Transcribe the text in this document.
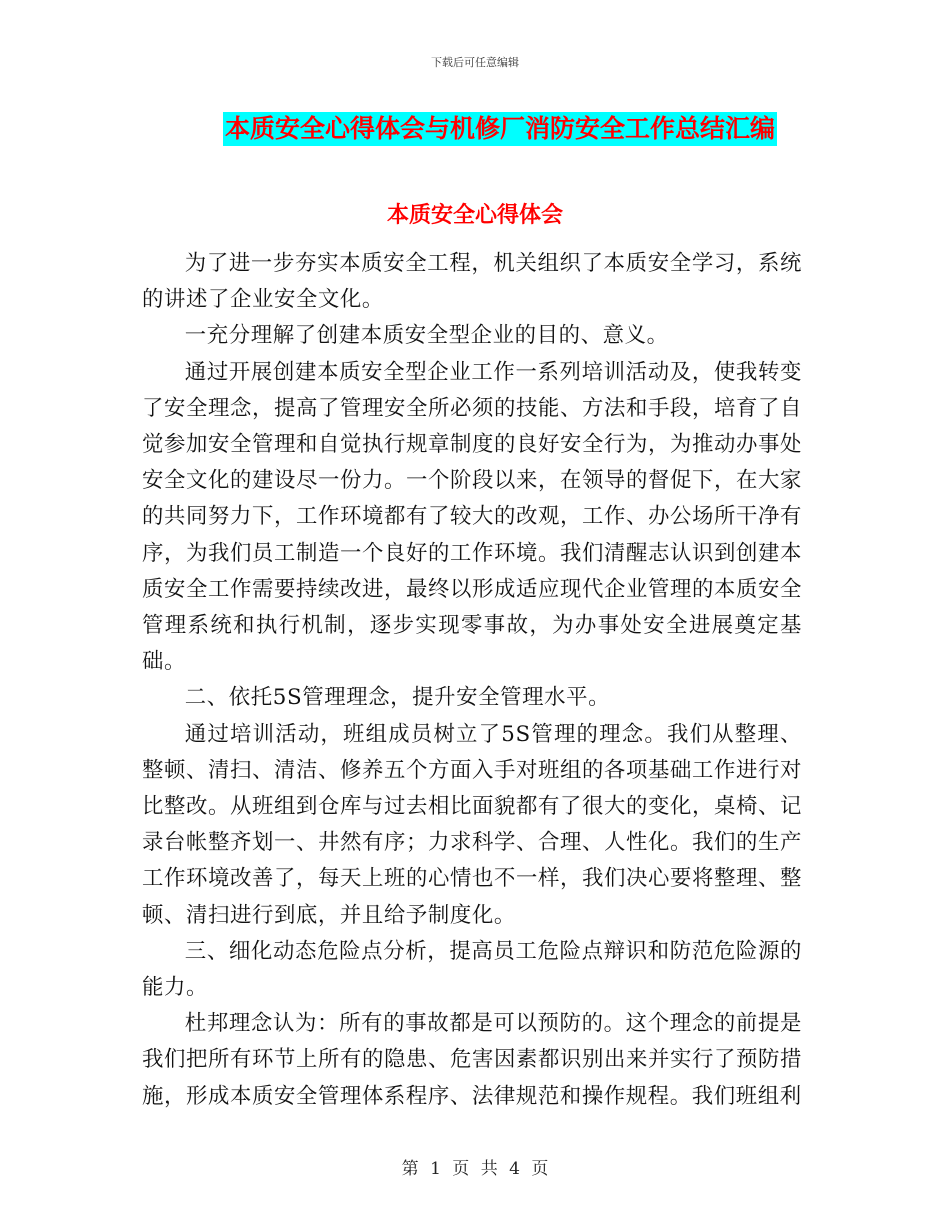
下载后可任意编辑
本质安全心得体会与机修厂消防安全工作总结汇编
本质安全心得体会

为了进一步夯实本质安全工程，机关组织了本质安全学习，系统的讲述了企业安全文化。

一充分理解了创建本质安全型企业的目的、意义。

通过开展创建本质安全型企业工作一系列培训活动及，使我转变了安全理念，提高了管理安全所必须的技能、方法和手段，培育了自觉参加安全管理和自觉执行规章制度的良好安全行为，为推动办事处安全文化的建设尽一份力。一个阶段以来，在领导的督促下，在大家的共同努力下，工作环境都有了较大的改观，工作、办公场所干净有序，为我们员工制造一个良好的工作环境。我们清醒志认识到创建本质安全工作需要持续改进，最终以形成适应现代企业管理的本质安全管理系统和执行机制，逐步实现零事故，为办事处安全进展奠定基础。

二、依托5S管理理念，提升安全管理水平。

通过培训活动，班组成员树立了5S管理的理念。我们从整理、整顿、清扫、清洁、修养五个方面入手对班组的各项基础工作进行对比整改。从班组到仓库与过去相比面貌都有了很大的变化，桌椅、记录台帐整齐划一、井然有序；力求科学、合理、人性化。我们的生产工作环境改善了，每天上班的心情也不一样，我们决心要将整理、整顿、清扫进行到底，并且给予制度化。

三、细化动态危险点分析，提高员工危险点辩识和防范危险源的能力。

杜邦理念认为：所有的事故都是可以预防的。这个理念的前提是我们把所有环节上所有的隐患、危害因素都识别出来并实行了预防措施，形成本质安全管理体系程序、法律规范和操作规程。我们班组利

第 1 页 共 4 页
